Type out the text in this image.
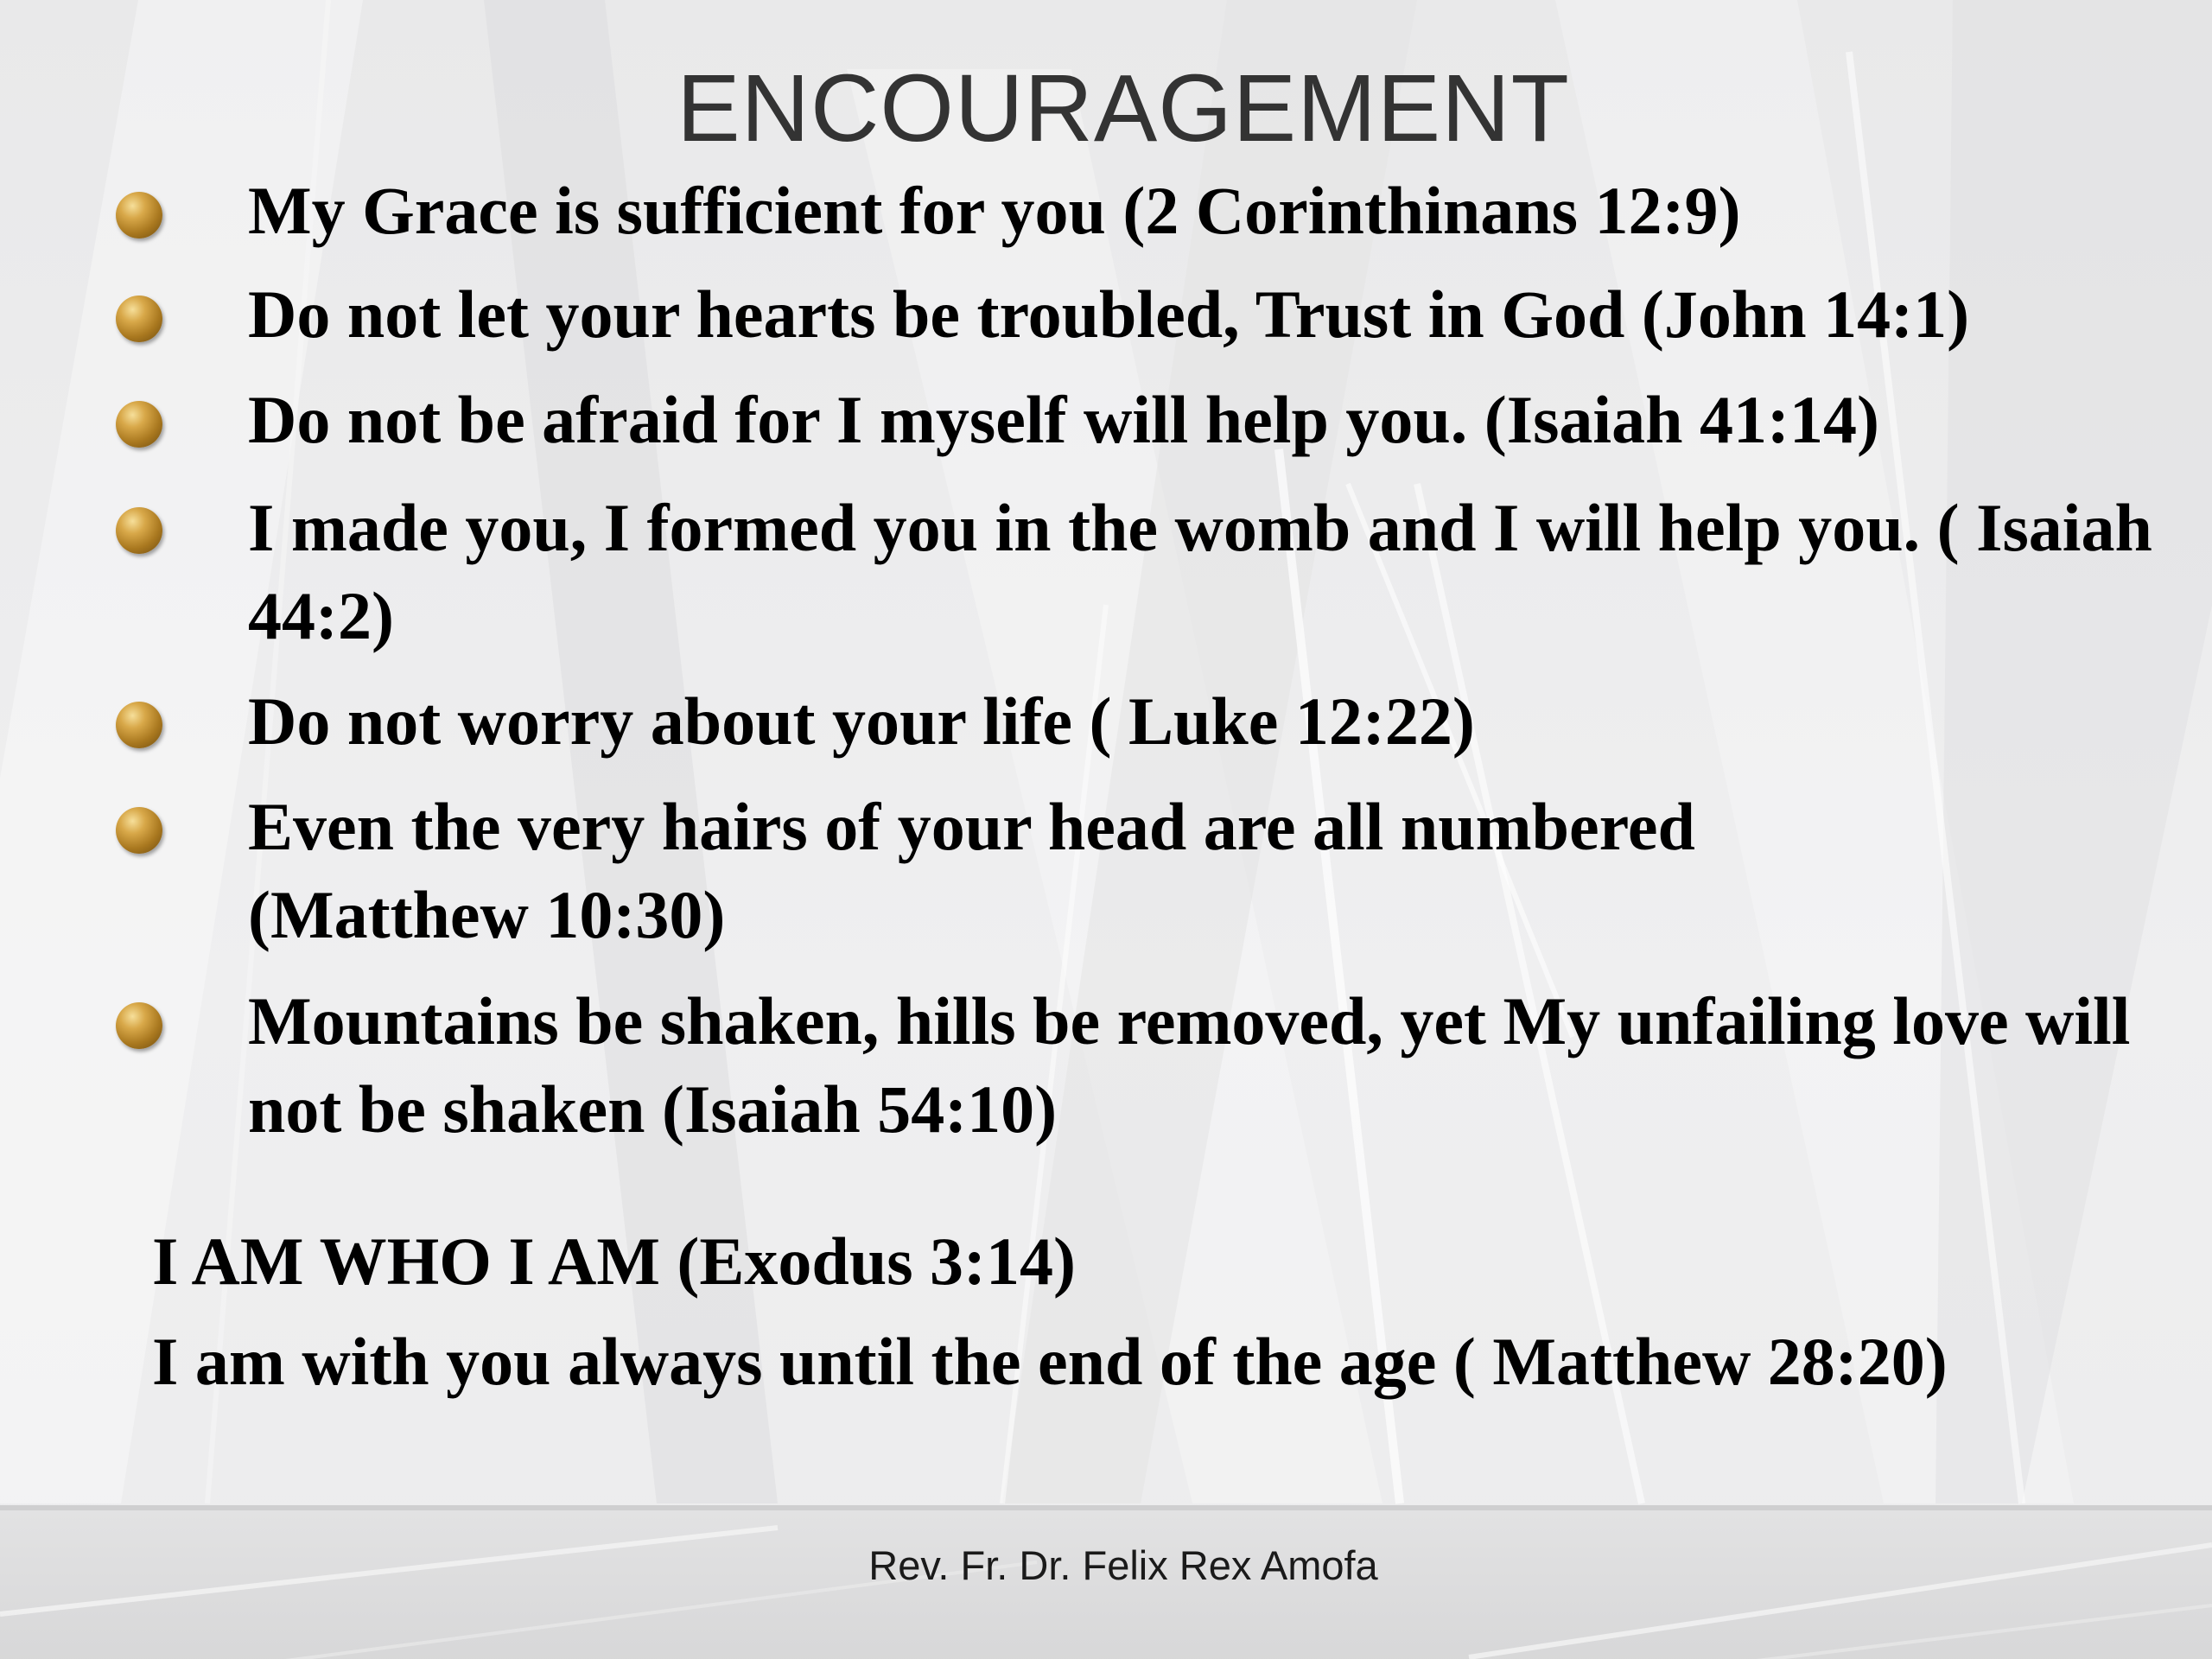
ENCOURAGEMENT
My Grace is sufficient for you (2 Corinthinans 12:9)
Do not let your hearts be troubled, Trust in God (John 14:1)
Do not be afraid for I myself will help you. (Isaiah 41:14)
I made you, I formed you in the womb and I will help you. ( Isaiah 44:2)
Do not worry about your life ( Luke 12:22)
Even the very hairs of your head are all numbered (Matthew 10:30)
Mountains be shaken, hills be removed, yet My unfailing love will not be shaken (Isaiah 54:10)
I AM WHO I AM (Exodus 3:14)
I am with you always until the end of the age ( Matthew 28:20)
Rev. Fr. Dr. Felix Rex Amofa
